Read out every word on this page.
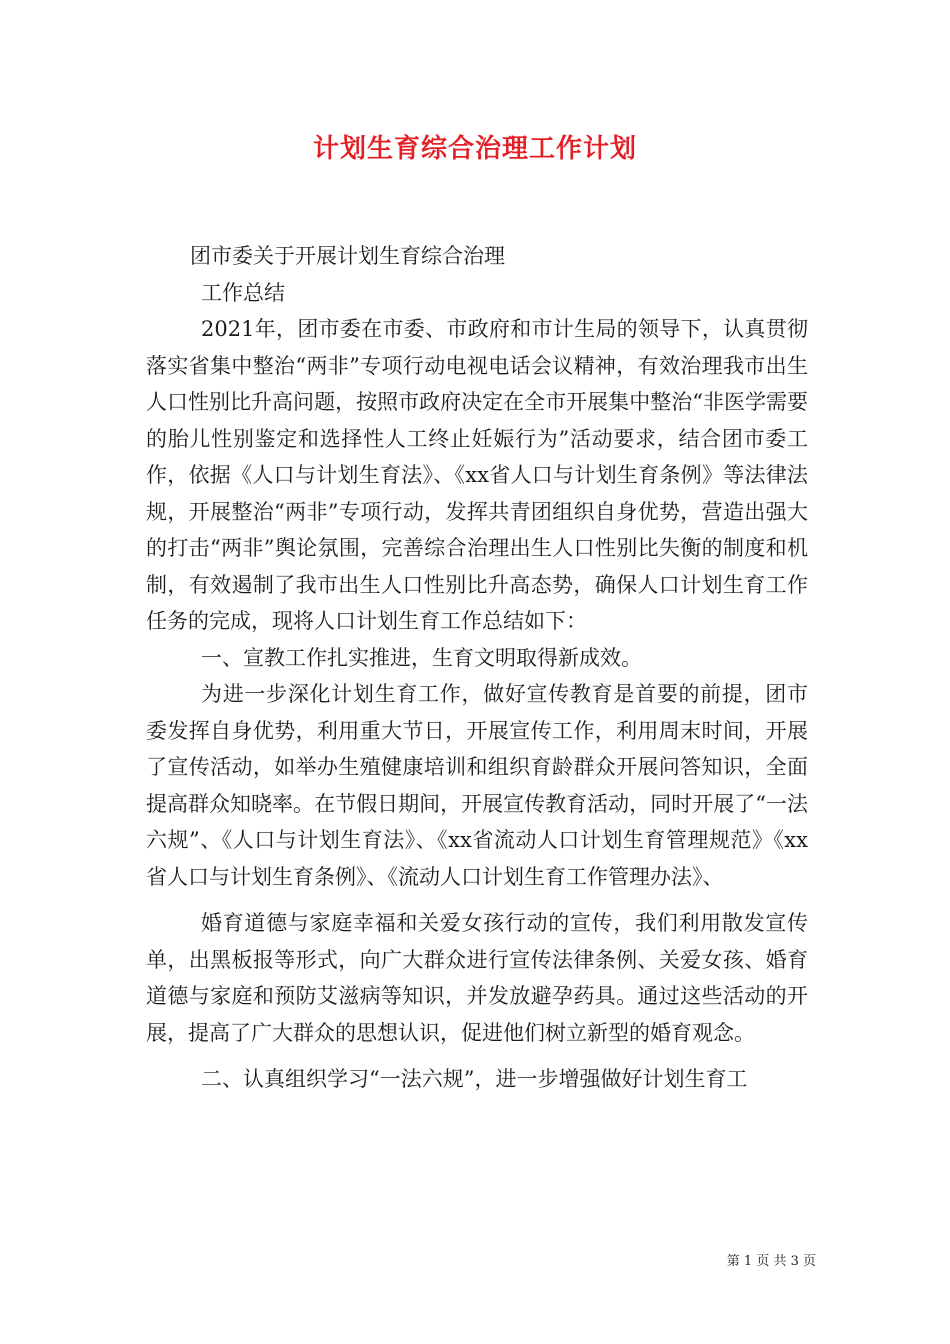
计划生育综合治理工作计划

团市委关于开展计划生育综合治理

工作总结

2021年，团市委在市委、市政府和市计生局的领导下，认真贯彻落实省集中整治“两非”专项行动电视电话会议精神，有效治理我市出生人口性别比升高问题，按照市政府决定在全市开展集中整治“非医学需要的胎儿性别鉴定和选择性人工终止妊娠行为”活动要求，结合团市委工作，依据《人口与计划生育法》、《xx省人口与计划生育条例》等法律法规，开展整治“两非”专项行动，发挥共青团组织自身优势，营造出强大的打击“两非”舆论氛围，完善综合治理出生人口性别比失衡的制度和机制，有效遏制了我市出生人口性别比升高态势，确保人口计划生育工作任务的完成，现将人口计划生育工作总结如下：

一、宣教工作扎实推进，生育文明取得新成效。

为进一步深化计划生育工作，做好宣传教育是首要的前提，团市委发挥自身优势，利用重大节日，开展宣传工作，利用周末时间，开展了宣传活动，如举办生殖健康培训和组织育龄群众开展问答知识，全面提高群众知晓率。在节假日期间，开展宣传教育活动，同时开展了“一法六规”、《人口与计划生育法》、《xx省流动人口计划生育管理规范》《xx省人口与计划生育条例》、《流动人口计划生育工作管理办法》、

婚育道德与家庭幸福和关爱女孩行动的宣传，我们利用散发宣传单，出黑板报等形式，向广大群众进行宣传法律条例、关爱女孩、婚育道德与家庭和预防艾滋病等知识，并发放避孕药具。通过这些活动的开展，提高了广大群众的思想认识，促进他们树立新型的婚育观念。

二、认真组织学习“一法六规”，进一步增强做好计划生育工

第 1 页 共 3 页
